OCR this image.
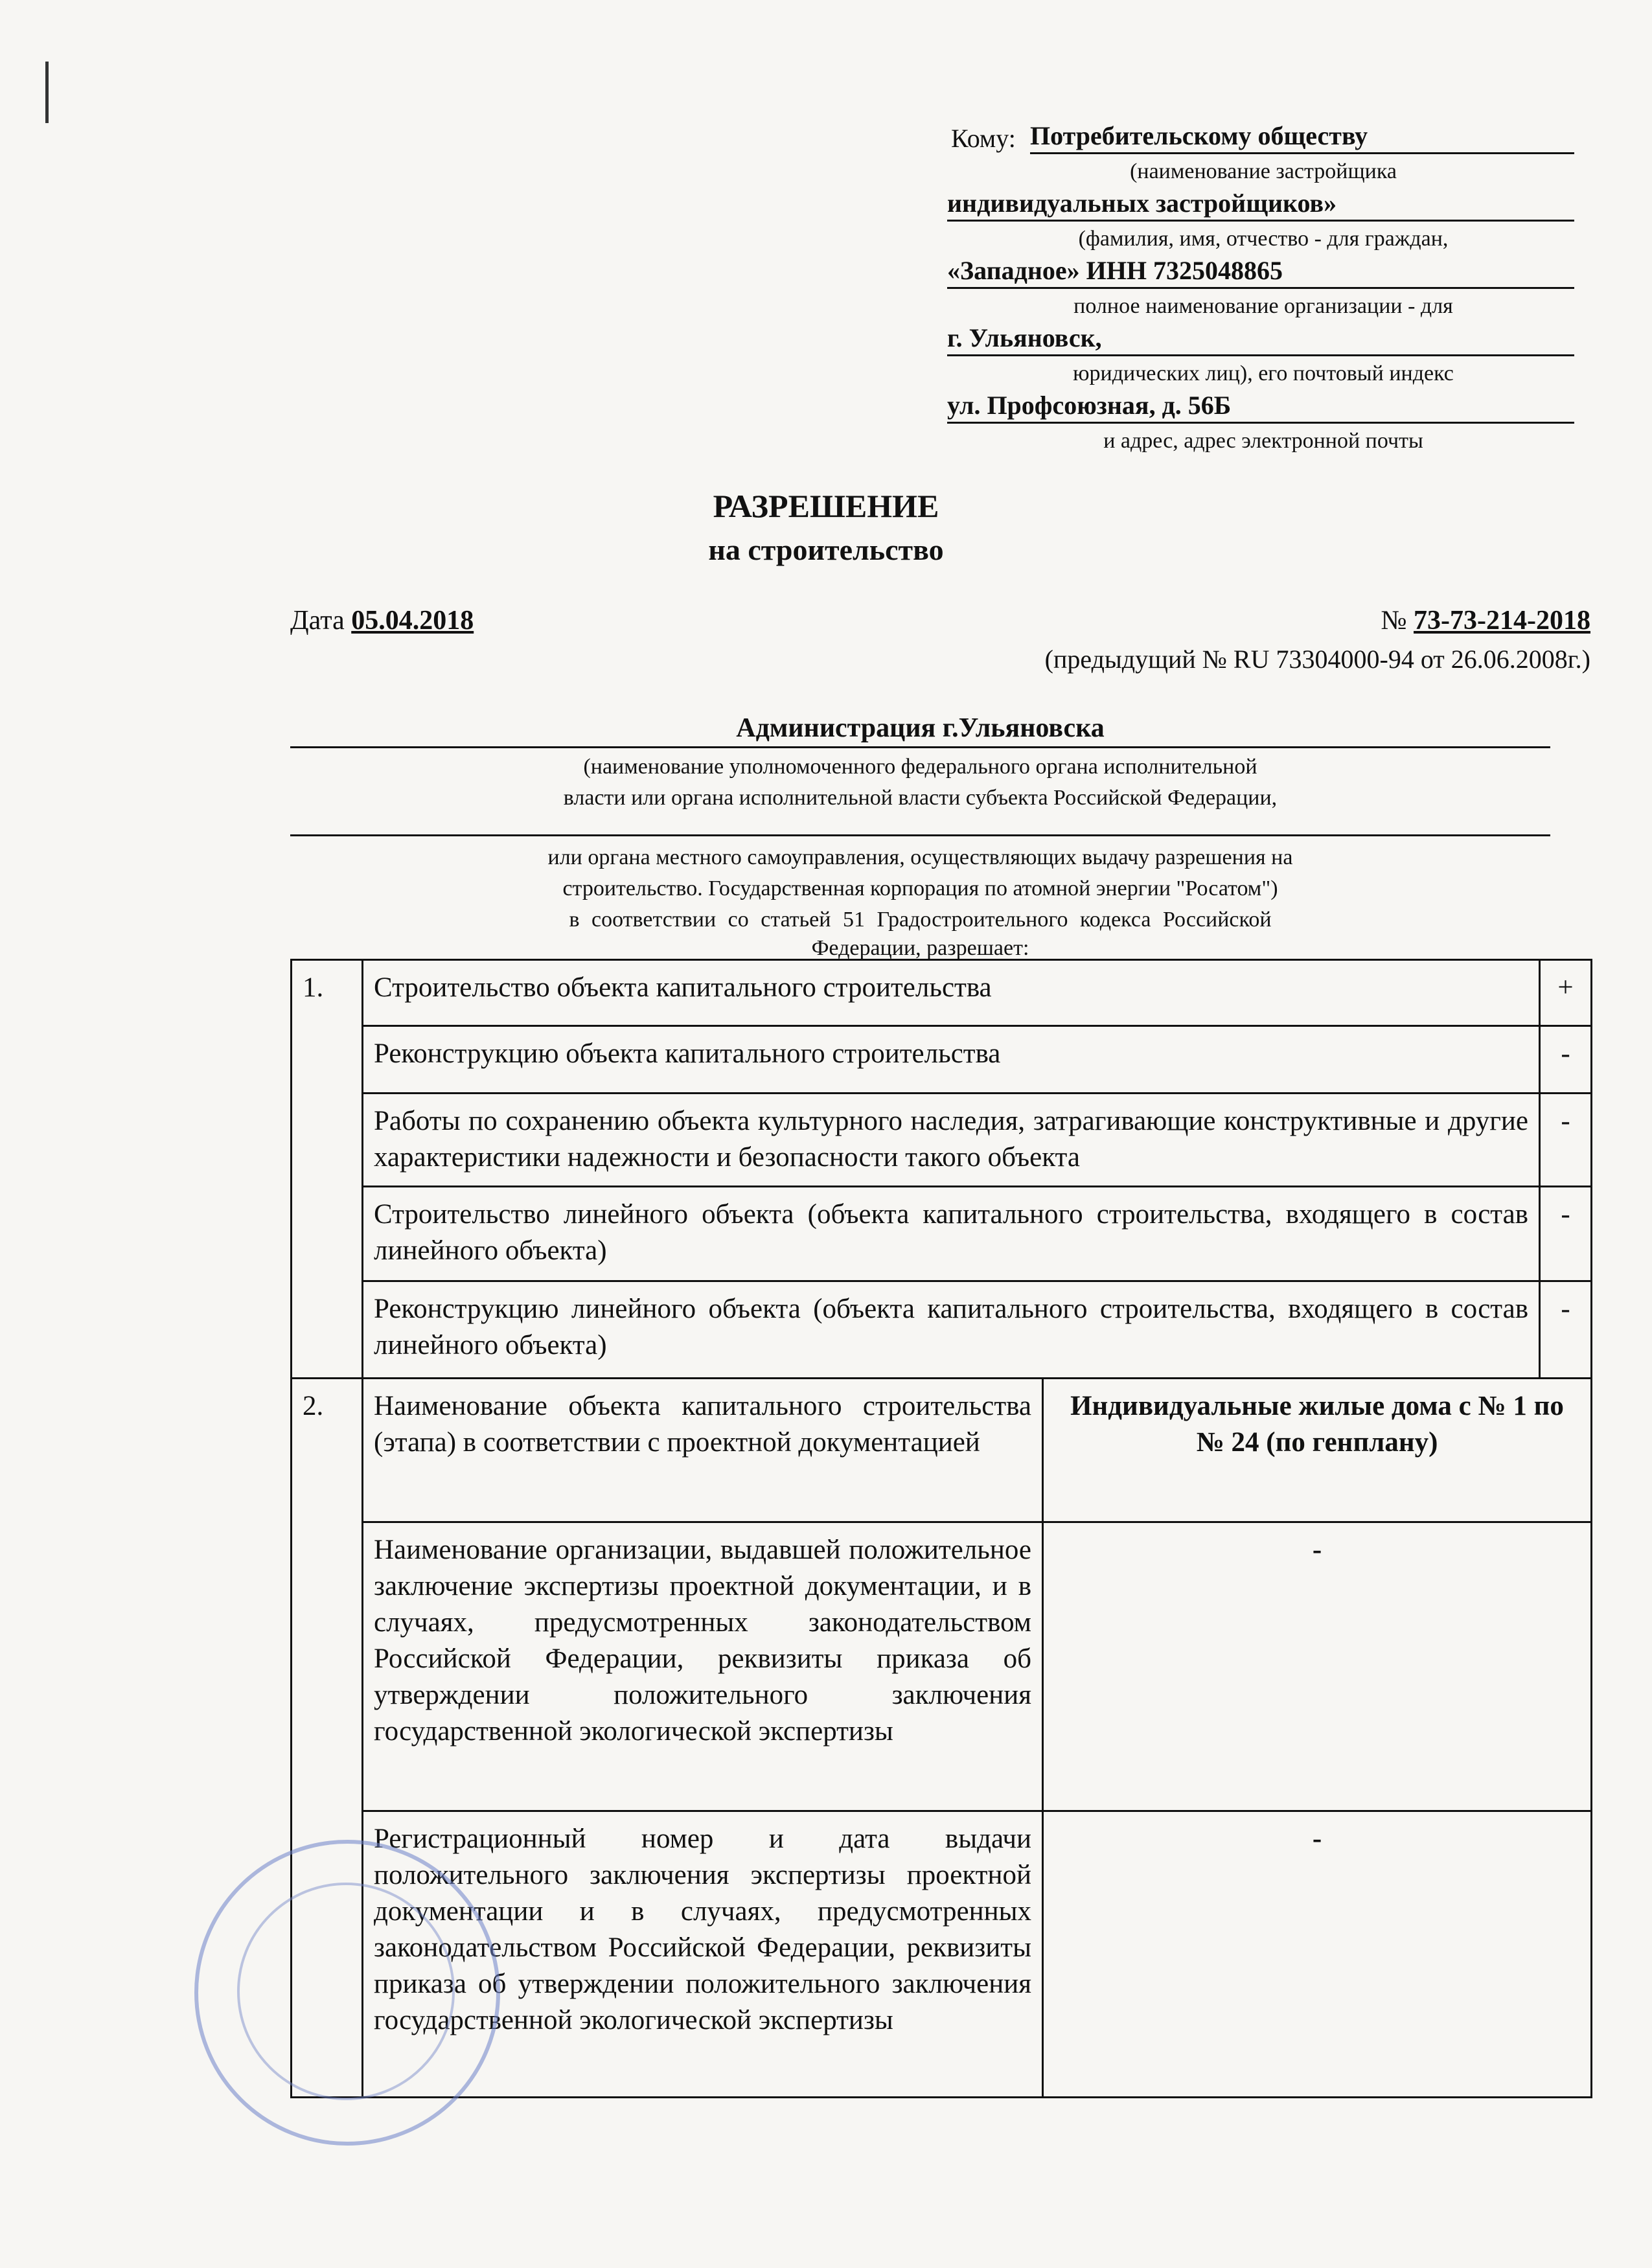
Кому: Потребительскому обществу
(наименование застройщика
индивидуальных застройщиков»
(фамилия, имя, отчество - для граждан,
«Западное» ИНН 7325048865
полное наименование организации - для
г. Ульяновск,
юридических лиц), его почтовый индекс
ул. Профсоюзная, д. 56Б
и адрес, адрес электронной почты
РАЗРЕШЕНИЕ
на строительство
Дата 05.04.2018	№ 73-73-214-2018
(предыдущий № RU 73304000-94 от 26.06.2008г.)
Администрация г.Ульяновска
(наименование уполномоченного федерального органа исполнительной
власти или органа исполнительной власти субъекта Российской Федерации,
или органа местного самоуправления, осуществляющих выдачу разрешения на
строительство. Государственная корпорация по атомной энергии "Росатом")
в соответствии со статьей 51 Градостроительного кодекса Российской
Федерации, разрешает:
1.	Строительство объекта капитального строительства		+
	Реконструкцию объекта капитального строительства		-
	Работы по сохранению объекта культурного наследия, затрагивающие конструктивные и другие характеристики надежности и безопасности такого объекта		-
	Строительство линейного объекта (объекта капитального строительства, входящего в состав линейного объекта)		-
	Реконструкцию линейного объекта (объекта капитального строительства, входящего в состав линейного объекта)		-
2.	Наименование объекта капитального строительства (этапа) в соответствии с проектной документацией	Индивидуальные жилые дома с № 1 по № 24 (по генплану)	
	Наименование организации, выдавшей положительное заключение экспертизы проектной документации, и в случаях, предусмотренных законодательством Российской Федерации, реквизиты приказа об утверждении положительного заключения государственной экологической экспертизы	-	
	Регистрационный номер и дата выдачи положительного заключения экспертизы проектной документации и в случаях, предусмотренных законодательством Российской Федерации, реквизиты приказа об утверждении положительного заключения государственной экологической экспертизы	-	
